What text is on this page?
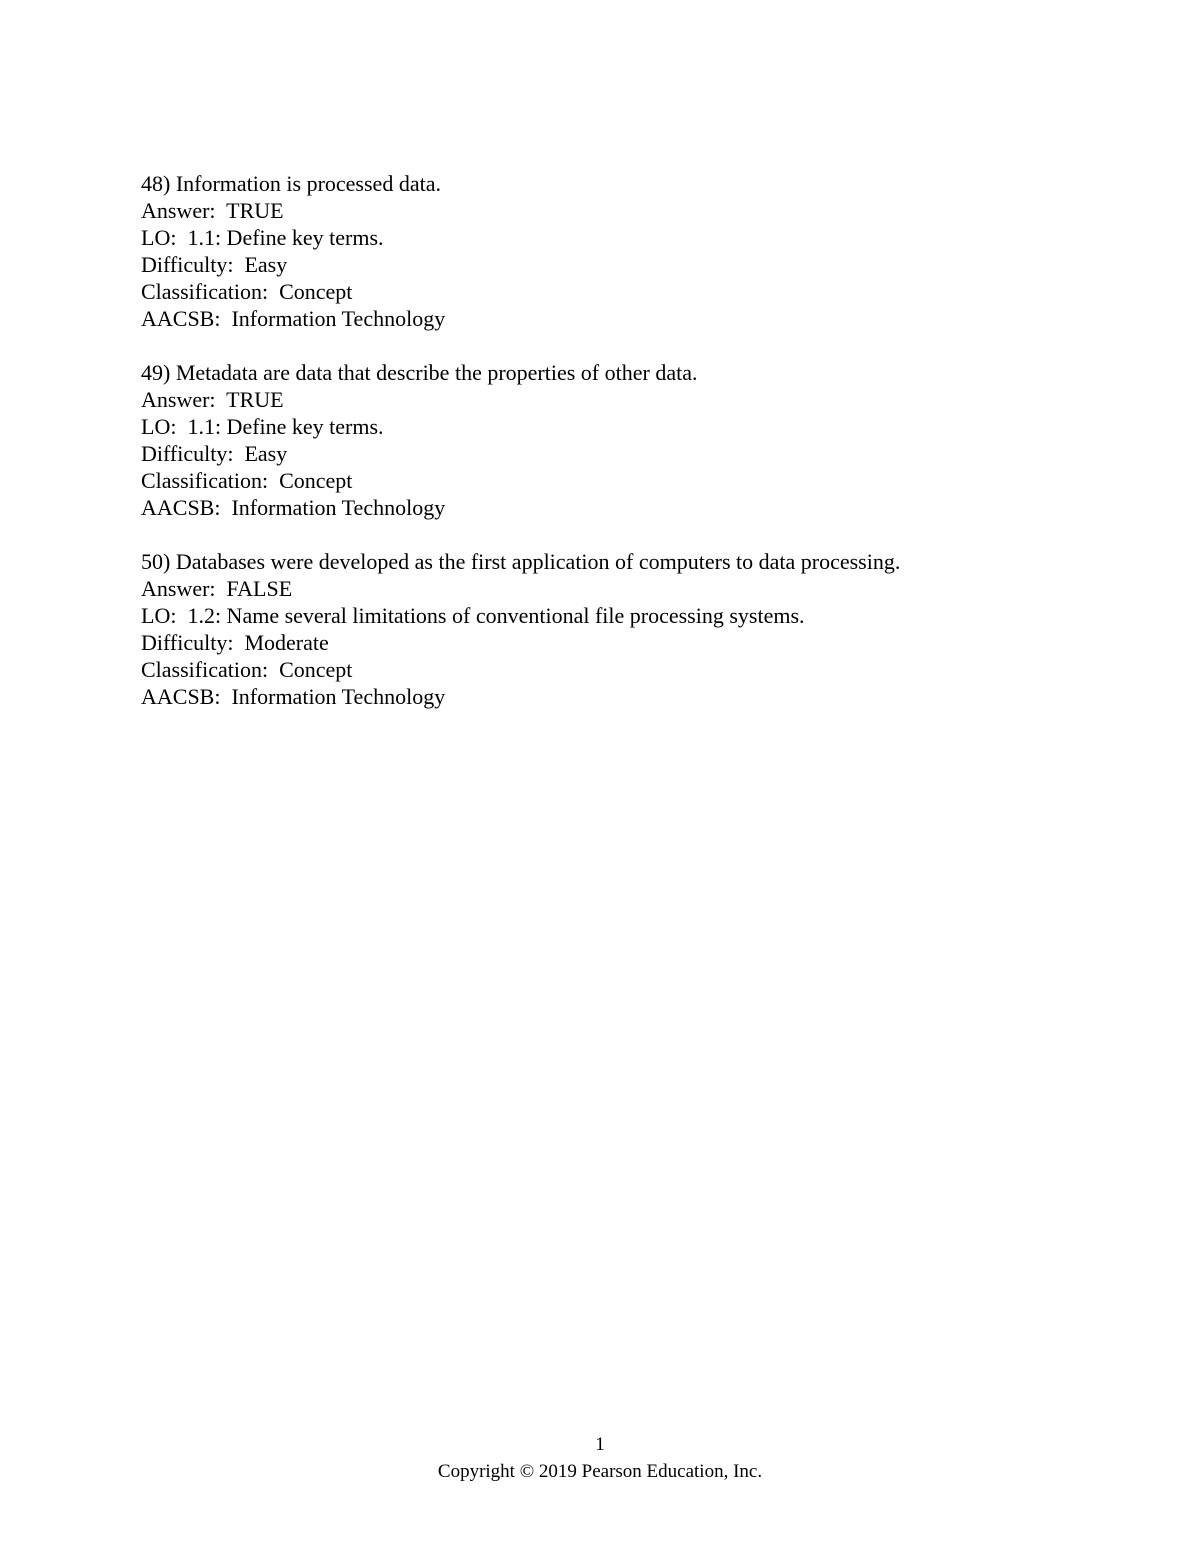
48) Information is processed data.

Answer:  TRUE

LO:  1.1: Define key terms.

Difficulty:  Easy

Classification:  Concept

AACSB:  Information Technology

49) Metadata are data that describe the properties of other data.

Answer:  TRUE

LO:  1.1: Define key terms.

Difficulty:  Easy

Classification:  Concept

AACSB:  Information Technology

50) Databases were developed as the first application of computers to data processing.

Answer:  FALSE

LO:  1.2: Name several limitations of conventional file processing systems.

Difficulty:  Moderate

Classification:  Concept

AACSB:  Information Technology

1
Copyright © 2019 Pearson Education, Inc.
